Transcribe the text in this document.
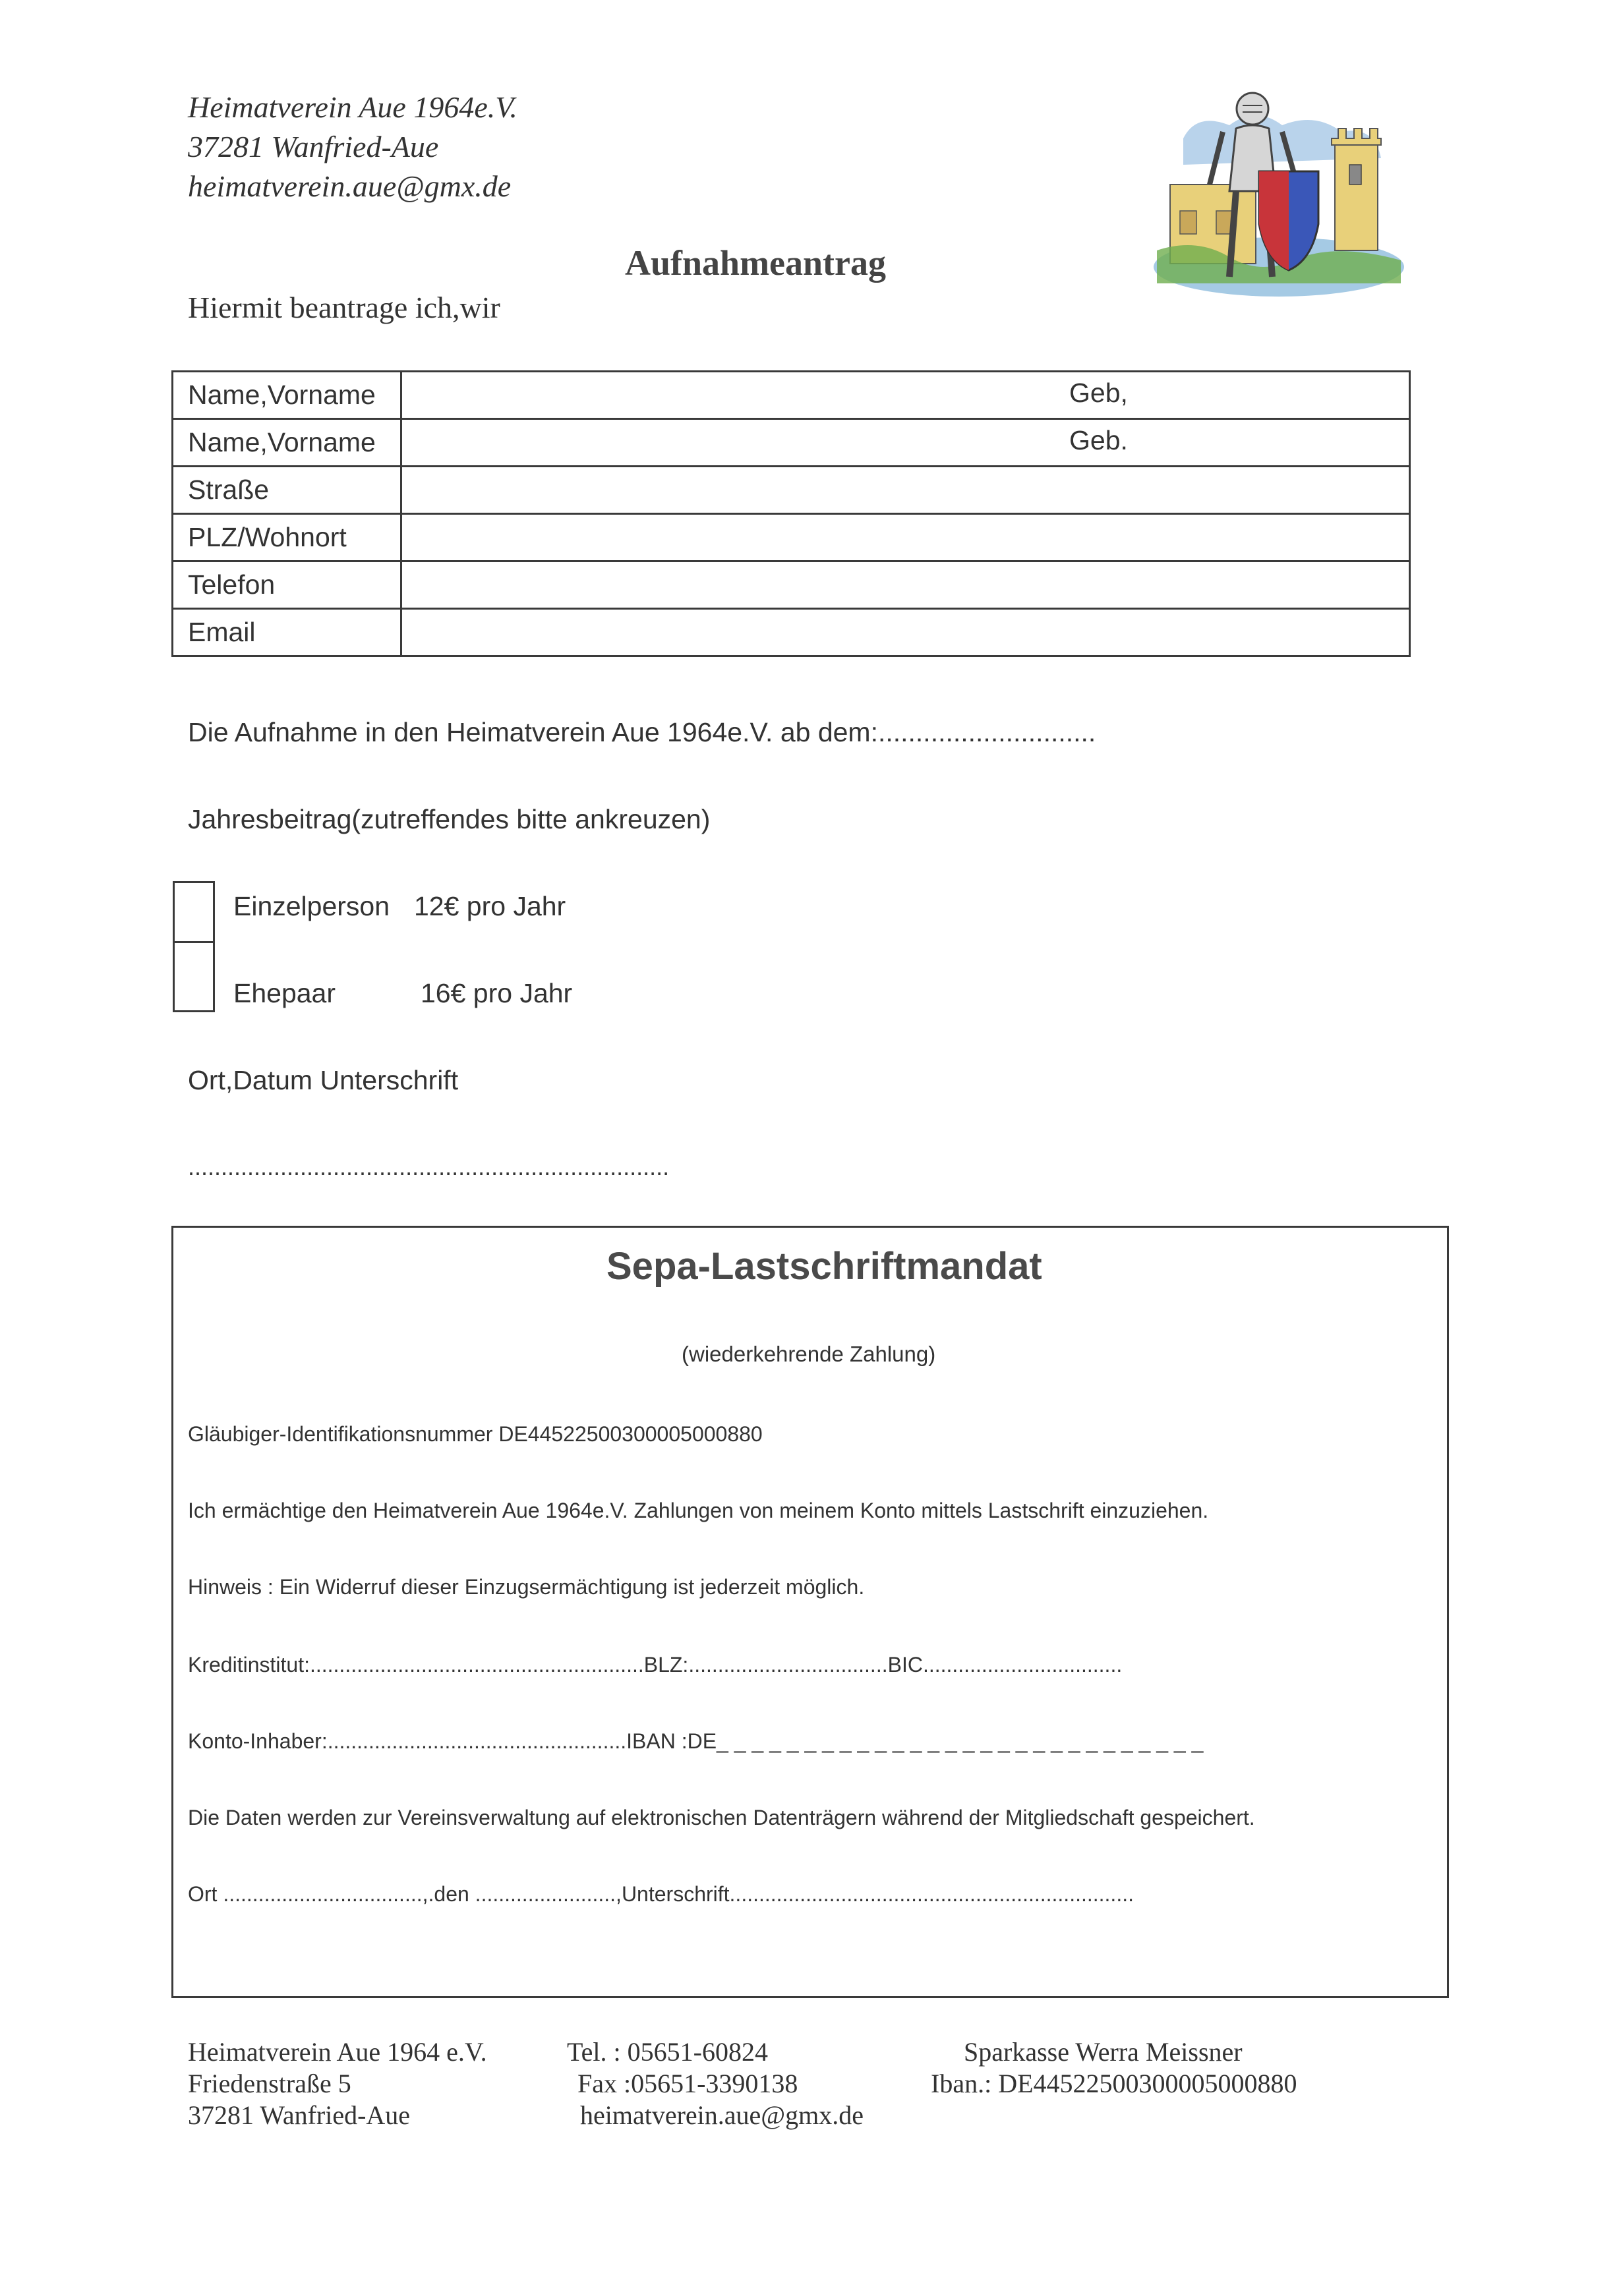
Heimatverein Aue 1964e.V.
37281 Wanfried-Aue
heimatverein.aue@gmx.de
Aufnahmeantrag
Hiermit beantrage ich,wir
Name,Vorname	Geb,

Name,Vorname	Geb.

Straße	
PLZ/Wohnort	
Telefon	
Email	
Die Aufnahme in den Heimatverein Aue 1964e.V. ab dem:.............................
Jahresbeitrag(zutreffendes bitte ankreuzen)
Einzelperson 12€ pro Jahr
Ehepaar	16€ pro Jahr
Ort,Datum Unterschrift
.........................................................................
Sepa-Lastschriftmandat
(wiederkehrende Zahlung)
Gläubiger-Identifikationsnummer DE44522500300005000880
Ich ermächtige den Heimatverein Aue 1964e.V. Zahlungen von meinem Konto mittels Lastschrift einzuziehen.
Hinweis : Ein Widerruf dieser Einzugsermächtigung ist jederzeit möglich.
Kreditinstitut:.........................................................BLZ:..................................BIC..................................
Konto-Inhaber:...................................................IBAN :DE_ _ _ _ _ _ _ _ _ _ _ _ _ _ _ _ _ _ _ _ _ _ _ _ _ _ _ _
Die Daten werden zur Vereinsverwaltung auf elektronischen Datenträgern während der Mitgliedschaft gespeichert.
Ort ..................................,.den ........................,Unterschrift.....................................................................
Heimatverein Aue 1964 e.V.
Friedenstraße 5
37281 Wanfried-Aue
Tel. : 05651-60824
Fax :05651-3390138
heimatverein.aue@gmx.de
Sparkasse Werra Meissner
Iban.: DE44522500300005000880
